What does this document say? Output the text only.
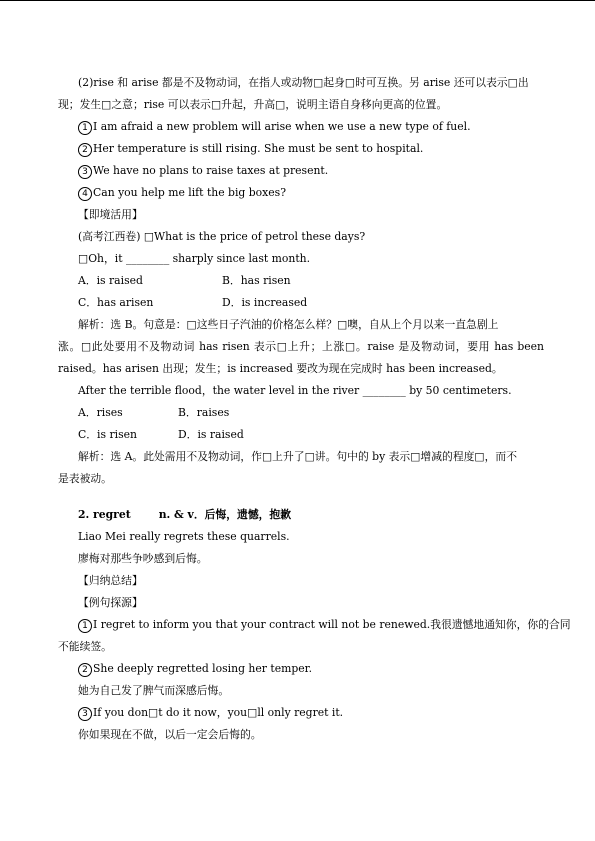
(2)rise 和 arise 都是不及物动词，在指人或动物□起身□时可互换。另 arise 还可以表示□出
现；发生□之意；rise 可以表示□升起，升高□，说明主语自身移向更高的位置。
1 I am afraid a new problem will arise when we use a new type of fuel.
2 Her temperature is still rising. She must be sent to hospital.
3 We have no plans to raise taxes at present.
4 Can you help me lift the big boxes?
【即境活用】
(高考江西卷) □What is the price of petrol these days?
□Oh，it ________ sharply since last month.
A．is raised	B．has risen
C．has arisen	D．is increased
解析：选 B。句意是：□这些日子汽油的价格怎么样？□噢，自从上个月以来一直急剧上
涨。□此处要用不及物动词 has risen 表示□上升；上涨□。raise 是及物动词，要用 has been
raised。has arisen 出现；发生；is increased 要改为现在完成时 has been increased。
After the terrible flood，the water level in the river ________ by 50 centimeters.
A．rises	B．raises
C．is risen	D．is raised
解析：选 A。此处需用不及物动词，作□上升了□讲。句中的 by 表示□增减的程度□，而不
是表被动。
2. regret	n. & v．后悔，遗憾，抱歉
Liao Mei really regrets these quarrels.
廖梅对那些争吵感到后悔。
【归纳总结】
【例句探源】
1 I regret to inform you that your contract will not be renewed.我很遗憾地通知你，你的合同
不能续签。
2 She deeply regretted losing her temper.
她为自己发了脾气而深感后悔。
3 If you don□t do it now，you□ll only regret it.
你如果现在不做，以后一定会后悔的。
